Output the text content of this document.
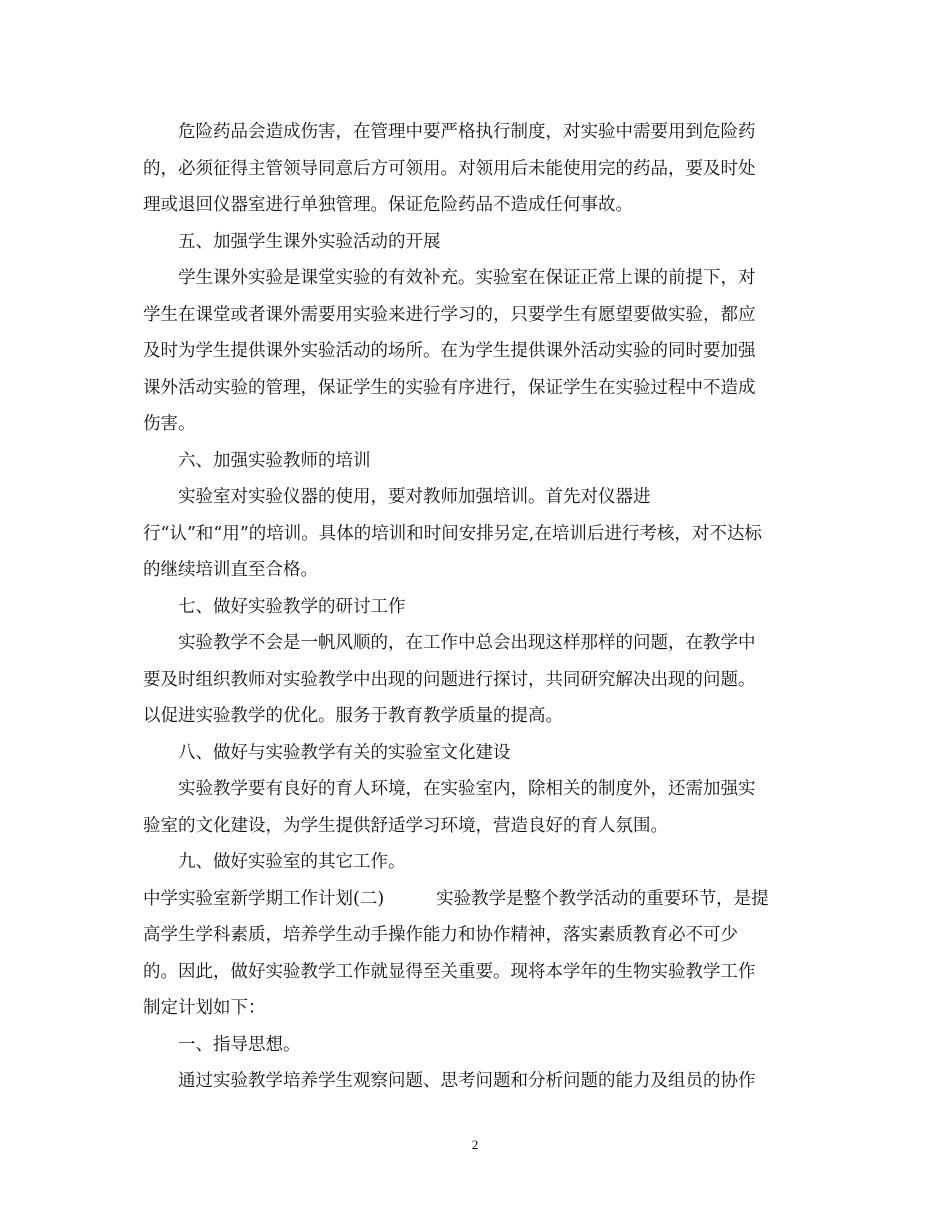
危险药品会造成伤害，在管理中要严格执行制度，对实验中需要用到危险药
的，必须征得主管领导同意后方可领用。对领用后未能使用完的药品，要及时处
理或退回仪器室进行单独管理。保证危险药品不造成任何事故。
五、加强学生课外实验活动的开展
学生课外实验是课堂实验的有效补充。实验室在保证正常上课的前提下，对
学生在课堂或者课外需要用实验来进行学习的，只要学生有愿望要做实验，都应
及时为学生提供课外实验活动的场所。在为学生提供课外活动实验的同时要加强
课外活动实验的管理，保证学生的实验有序进行，保证学生在实验过程中不造成
伤害。
六、加强实验教师的培训
实验室对实验仪器的使用，要对教师加强培训。首先对仪器进
行“认”和“用”的培训。具体的培训和时间安排另定,在培训后进行考核，对不达标
的继续培训直至合格。
七、做好实验教学的研讨工作
实验教学不会是一帆风顺的，在工作中总会出现这样那样的问题，在教学中
要及时组织教师对实验教学中出现的问题进行探讨，共同研究解决出现的问题。
以促进实验教学的优化。服务于教育教学质量的提高。
八、做好与实验教学有关的实验室文化建设
实验教学要有良好的育人环境，在实验室内，除相关的制度外，还需加强实
验室的文化建设，为学生提供舒适学习环境，营造良好的育人氛围。
九、做好实验室的其它工作。
中学实验室新学期工作计划(二)	实验教学是整个教学活动的重要环节，是提
高学生学科素质，培养学生动手操作能力和协作精神，落实素质教育必不可少
的。因此，做好实验教学工作就显得至关重要。现将本学年的生物实验教学工作
制定计划如下：
一、指导思想。
通过实验教学培养学生观察问题、思考问题和分析问题的能力及组员的协作
2
